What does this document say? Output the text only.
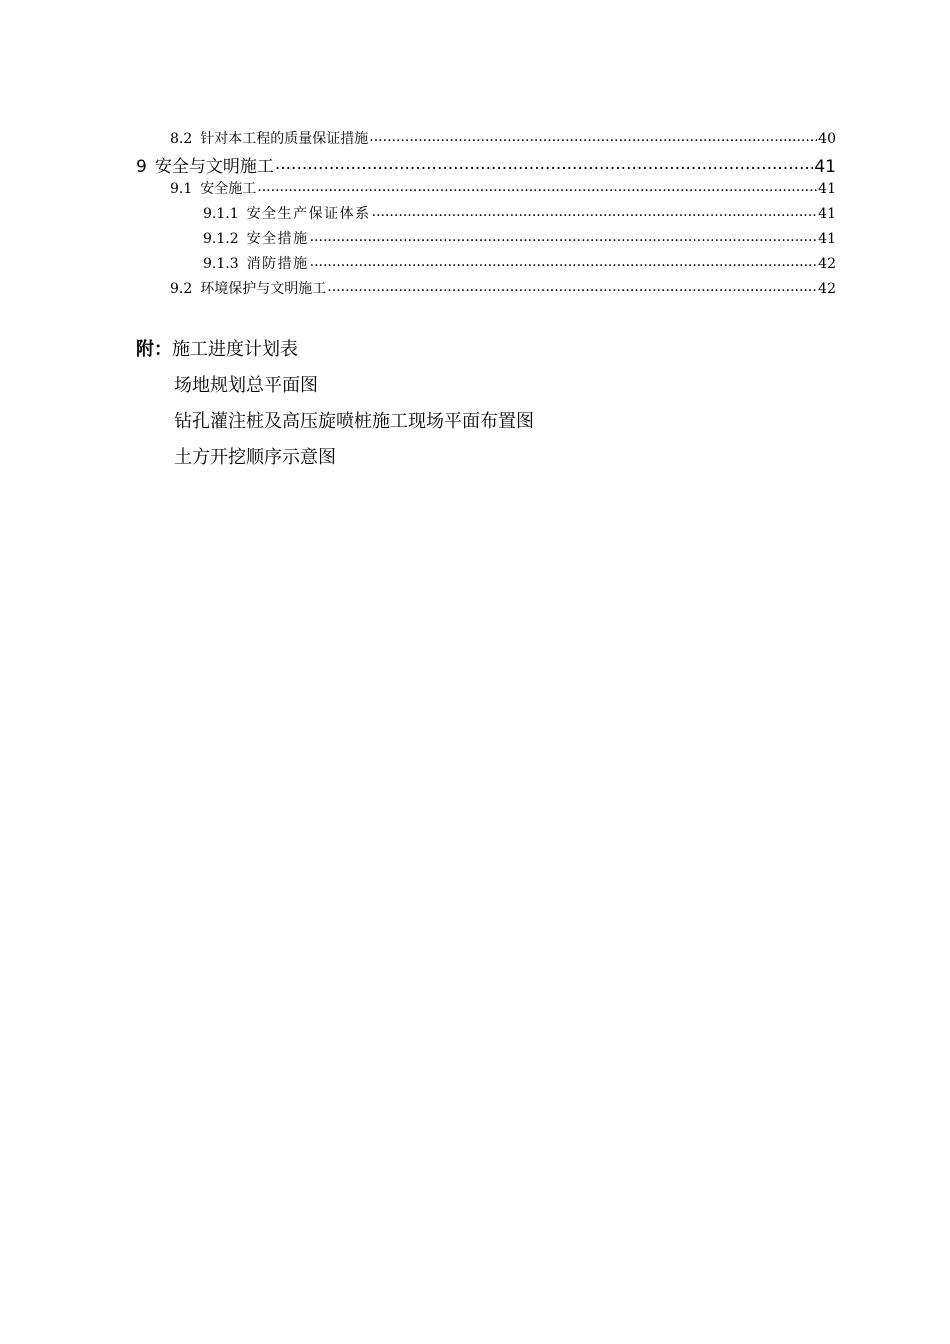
8.2 针对本工程的质量保证措施 .....	40
9 安全与文明施工 .....	41
9.1 安全施工 .....	41
9.1.1 安全生产保证体系 .....	41
9.1.2 安全措施 .....	41
9.1.3 消防措施 .....	42
9.2 环境保护与文明施工 .....	42
附：施工进度计划表
场地规划总平面图
钻孔灌注桩及高压旋喷桩施工现场平面布置图
土方开挖顺序示意图
